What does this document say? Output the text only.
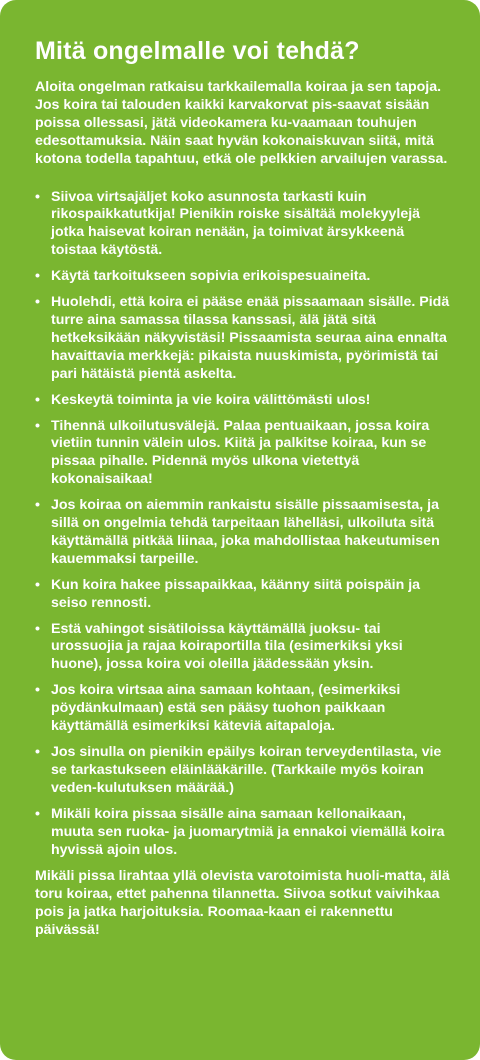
Mitä ongelmalle voi tehdä?

Aloita ongelman ratkaisu tarkkailemalla koiraa ja sen tapoja. Jos koira tai talouden kaikki karvakorvat pis-saavat sisään poissa ollessasi, jätä videokamera ku-vaamaan touhujen edesottamuksia. Näin saat hyvän kokonaiskuvan siitä, mitä kotona todella tapahtuu, etkä ole pelkkien arvailujen varassa.

• Siivoa virtsajäljet koko asunnosta tarkasti kuin rikospaikkatutkija! Pienikin roiske sisältää molekyylejä jotka haisevat koiran nenään, ja toimivat ärsykkeenä toistaa käytöstä.
• Käytä tarkoitukseen sopivia erikoispesuaineita.
• Huolehdi, että koira ei pääse enää pissaamaan sisälle. Pidä turre aina samassa tilassa kanssasi, älä jätä sitä hetkeksikään näkyvistäsi! Pissaamista seuraa aina ennalta havaittavia merkkejä: pikaista nuuskimista, pyörimistä tai pari hätäistä pientä askelta.
• Keskeytä toiminta ja vie koira välittömästi ulos!
• Tihennä ulkoilutusvälejä. Palaa pentuaikaan, jossa koira vietiin tunnin välein ulos. Kiitä ja palkitse koiraa, kun se pissaa pihalle. Pidennä myös ulkona vietettyä kokonaisaikaa!
• Jos koiraa on aiemmin rankaistu sisälle pissaamisesta, ja sillä on ongelmia tehdä tarpeitaan lähelläsi, ulkoiluta sitä käyttämällä pitkää liinaa, joka mahdollistaa hakeutumisen kauemmaksi tarpeille.
• Kun koira hakee pissapaikkaa, käänny siitä poispäin ja seiso rennosti.
• Estä vahingot sisätiloissa käyttämällä juoksu- tai urossuojia ja rajaa koiraportilla tila (esimerkiksi yksi huone), jossa koira voi oleilla jäädessään yksin.
• Jos koira virtsaa aina samaan kohtaan, (esimerkiksi pöydänkulmaan) estä sen pääsy tuohon paikkaan käyttämällä esimerkiksi käteviä aitapaloja.
• Jos sinulla on pienikin epäilys koiran terveydentilasta, vie se tarkastukseen eläinlääkärille. (Tarkkaile myös koiran veden-kulutuksen määrää.)
• Mikäli koira pissaa sisälle aina samaan kellonaikaan, muuta sen ruoka- ja juomarytmiä ja ennakoi viemällä koira hyvissä ajoin ulos.

Mikäli pissa lirahtaa yllä olevista varotoimista huoli-matta, älä toru koiraa, ettet pahenna tilannetta. Siivoa sotkut vaivihkaa pois ja jatka harjoituksia. Roomaa-kaan ei rakennettu päivässä!
